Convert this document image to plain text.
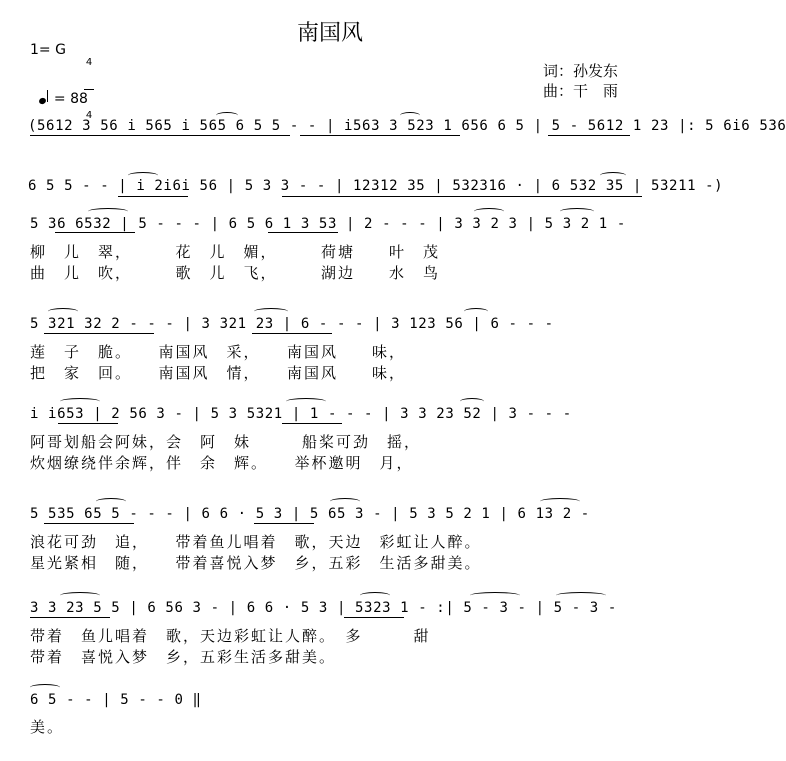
南国风
1= G

4

4

= 88

词：孙发东
曲：干　雨
(5612 3 56 i 565 i 565 6 5 5 - - | i563 3 523 1 656 6 5 | 5 - 5612 1 23 |: 5 6i6 536
6 5 5 - - | i 2i6i 56 | 5 3 3 - - | 12312 35 | 532316 · | 6 532 35 | 53211 -)
5 36 6532 | 5 - - - | 6 5 6 1 3 53 | 2 - - - | 3 3 2 3 | 5 3 2 1 -
柳　儿　翠，　　　花　儿　媚，　　　荷塘　　叶　茂
曲　儿　吹，　　　歌　儿　飞，　　　湖边　　水　鸟
5 321 32 2 - - - | 3 321 23 | 6 - - - | 3 123 56 | 6 - - -
莲　子　脆。　　南国风　采，　　南国风　　味，
把　家　回。　　南国风　情，　　南国风　　味，
i i653 | 2 56 3 - | 5 3 5321 | 1 - - - | 3 3 23 52 | 3 - - -
阿哥划船会阿妹，会　阿　妹　　　船桨可劲　摇，
炊烟缭绕伴余辉，伴　余　辉。　　举杯邀明　月，
5 535 65 5 - - - | 6 6 · 5 3 | 5 65 3 - | 5 3 5 2 1 | 6 13 2 -
浪花可劲　追，　　带着鱼儿唱着　歌，天边　彩虹让人醉。
星光紧相　随，　　带着喜悦入梦　乡，五彩　生活多甜美。
3 3 23 5 5 | 6 56 3 - | 6 6 · 5 3 | 5323 1 - :| 5 - 3 - | 5 - 3 -
带着　鱼儿唱着　歌，天边彩虹让人醉。　多　　　甜
带着　喜悦入梦　乡，五彩生活多甜美。
6 5 - - | 5 - - 0 ‖
美。
